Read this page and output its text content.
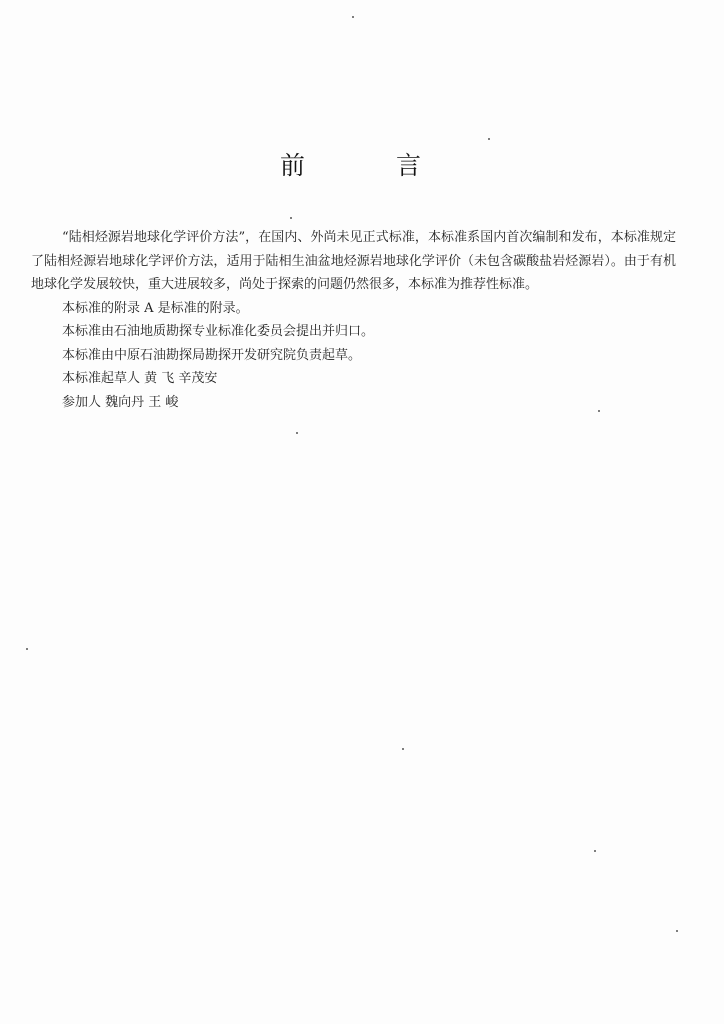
前	言

“陆相烃源岩地球化学评价方法”，在国内、外尚未见正式标准，本标准系国内首次编制和发布，本标准规定了陆相烃源岩地球化学评价方法，适用于陆相生油盆地烃源岩地球化学评价（未包含碳酸盐岩烃源岩）。由于有机地球化学发展较快，重大进展较多，尚处于探索的问题仍然很多，本标准为推荐性标准。

本标准的附录 A 是标准的附录。
本标准由石油地质勘探专业标准化委员会提出并归口。
本标准由中原石油勘探局勘探开发研究院负责起草。
本标准起草人 黄 飞 辛茂安
参加人 魏向丹 王 峻
